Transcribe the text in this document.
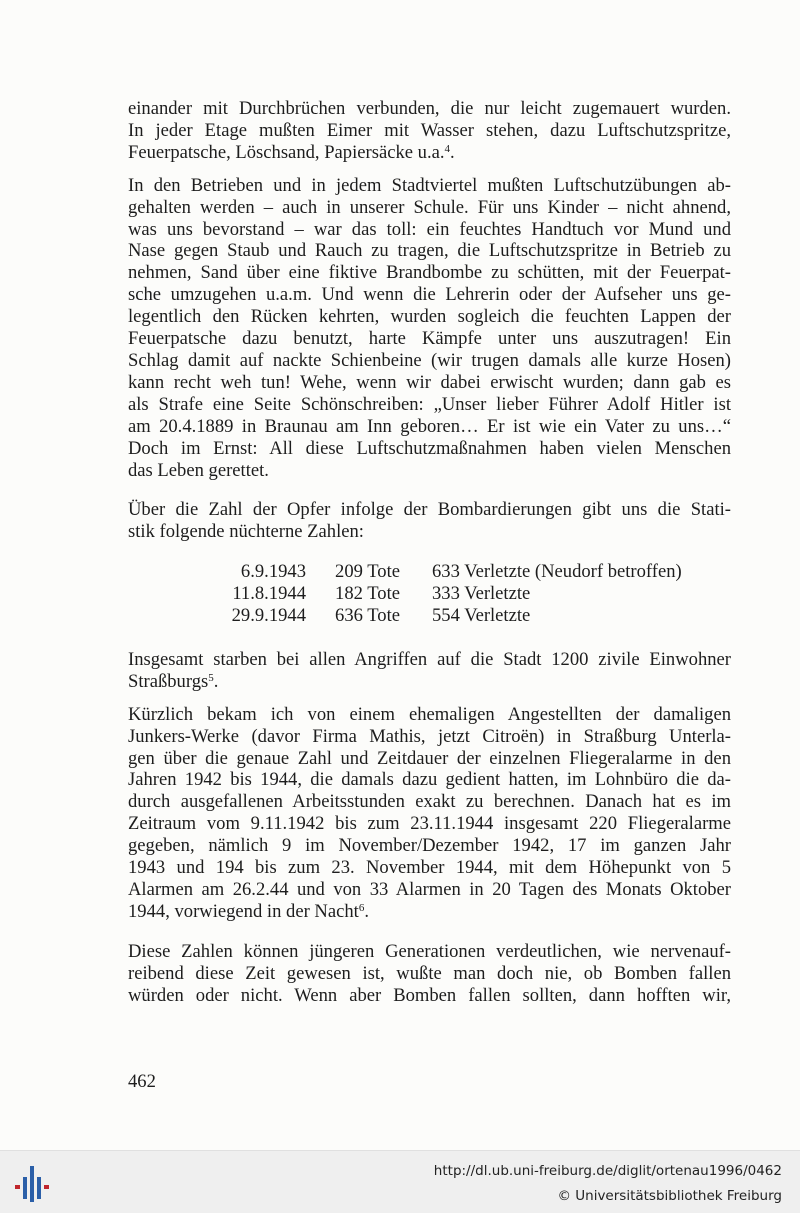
einander mit Durchbrüchen verbunden, die nur leicht zugemauert wurden.
In jeder Etage mußten Eimer mit Wasser stehen, dazu Luftschutzspritze,
Feuerpatsche, Löschsand, Papiersäcke u.a.$^4$.

In den Betrieben und in jedem Stadtviertel mußten Luftschutzübungen ab-
gehalten werden – auch in unserer Schule. Für uns Kinder – nicht ahnend,
was uns bevorstand – war das toll: ein feuchtes Handtuch vor Mund und
Nase gegen Staub und Rauch zu tragen, die Luftschutzspritze in Betrieb zu
nehmen, Sand über eine fiktive Brandbombe zu schütten, mit der Feuerpat-
sche umzugehen u.a.m. Und wenn die Lehrerin oder der Aufseher uns ge-
legentlich den Rücken kehrten, wurden sogleich die feuchten Lappen der
Feuerpatsche dazu benutzt, harte Kämpfe unter uns auszutragen! Ein
Schlag damit auf nackte Schienbeine (wir trugen damals alle kurze Hosen)
kann recht weh tun! Wehe, wenn wir dabei erwischt wurden; dann gab es
als Strafe eine Seite Schönschreiben: „Unser lieber Führer Adolf Hitler ist
am 20.4.1889 in Braunau am Inn geboren… Er ist wie ein Vater zu uns…“
Doch im Ernst: All diese Luftschutzmaßnahmen haben vielen Menschen
das Leben gerettet.

Über die Zahl der Opfer infolge der Bombardierungen gibt uns die Stati-
stik folgende nüchterne Zahlen:

6.9.1943	209 Tote	633 Verletzte (Neudorf betroffen)
11.8.1944	182 Tote	333 Verletzte
29.9.1944	636 Tote	554 Verletzte

Insgesamt starben bei allen Angriffen auf die Stadt 1200 zivile Einwohner
Straßburgs$^5$.

Kürzlich bekam ich von einem ehemaligen Angestellten der damaligen
Junkers-Werke (davor Firma Mathis, jetzt Citroën) in Straßburg Unterla-
gen über die genaue Zahl und Zeitdauer der einzelnen Fliegeralarme in den
Jahren 1942 bis 1944, die damals dazu gedient hatten, im Lohnbüro die da-
durch ausgefallenen Arbeitsstunden exakt zu berechnen. Danach hat es im
Zeitraum vom 9.11.1942 bis zum 23.11.1944 insgesamt 220 Fliegeralarme
gegeben, nämlich 9 im November/Dezember 1942, 17 im ganzen Jahr
1943 und 194 bis zum 23. November 1944, mit dem Höhepunkt von 5
Alarmen am 26.2.44 und von 33 Alarmen in 20 Tagen des Monats Oktober
1944, vorwiegend in der Nacht$^6$.

Diese Zahlen können jüngeren Generationen verdeutlichen, wie nervenauf-
reibend diese Zeit gewesen ist, wußte man doch nie, ob Bomben fallen
würden oder nicht. Wenn aber Bomben fallen sollten, dann hofften wir,

462
http://dl.ub.uni-freiburg.de/diglit/ortenau1996/0462
© Universitätsbibliothek Freiburg
